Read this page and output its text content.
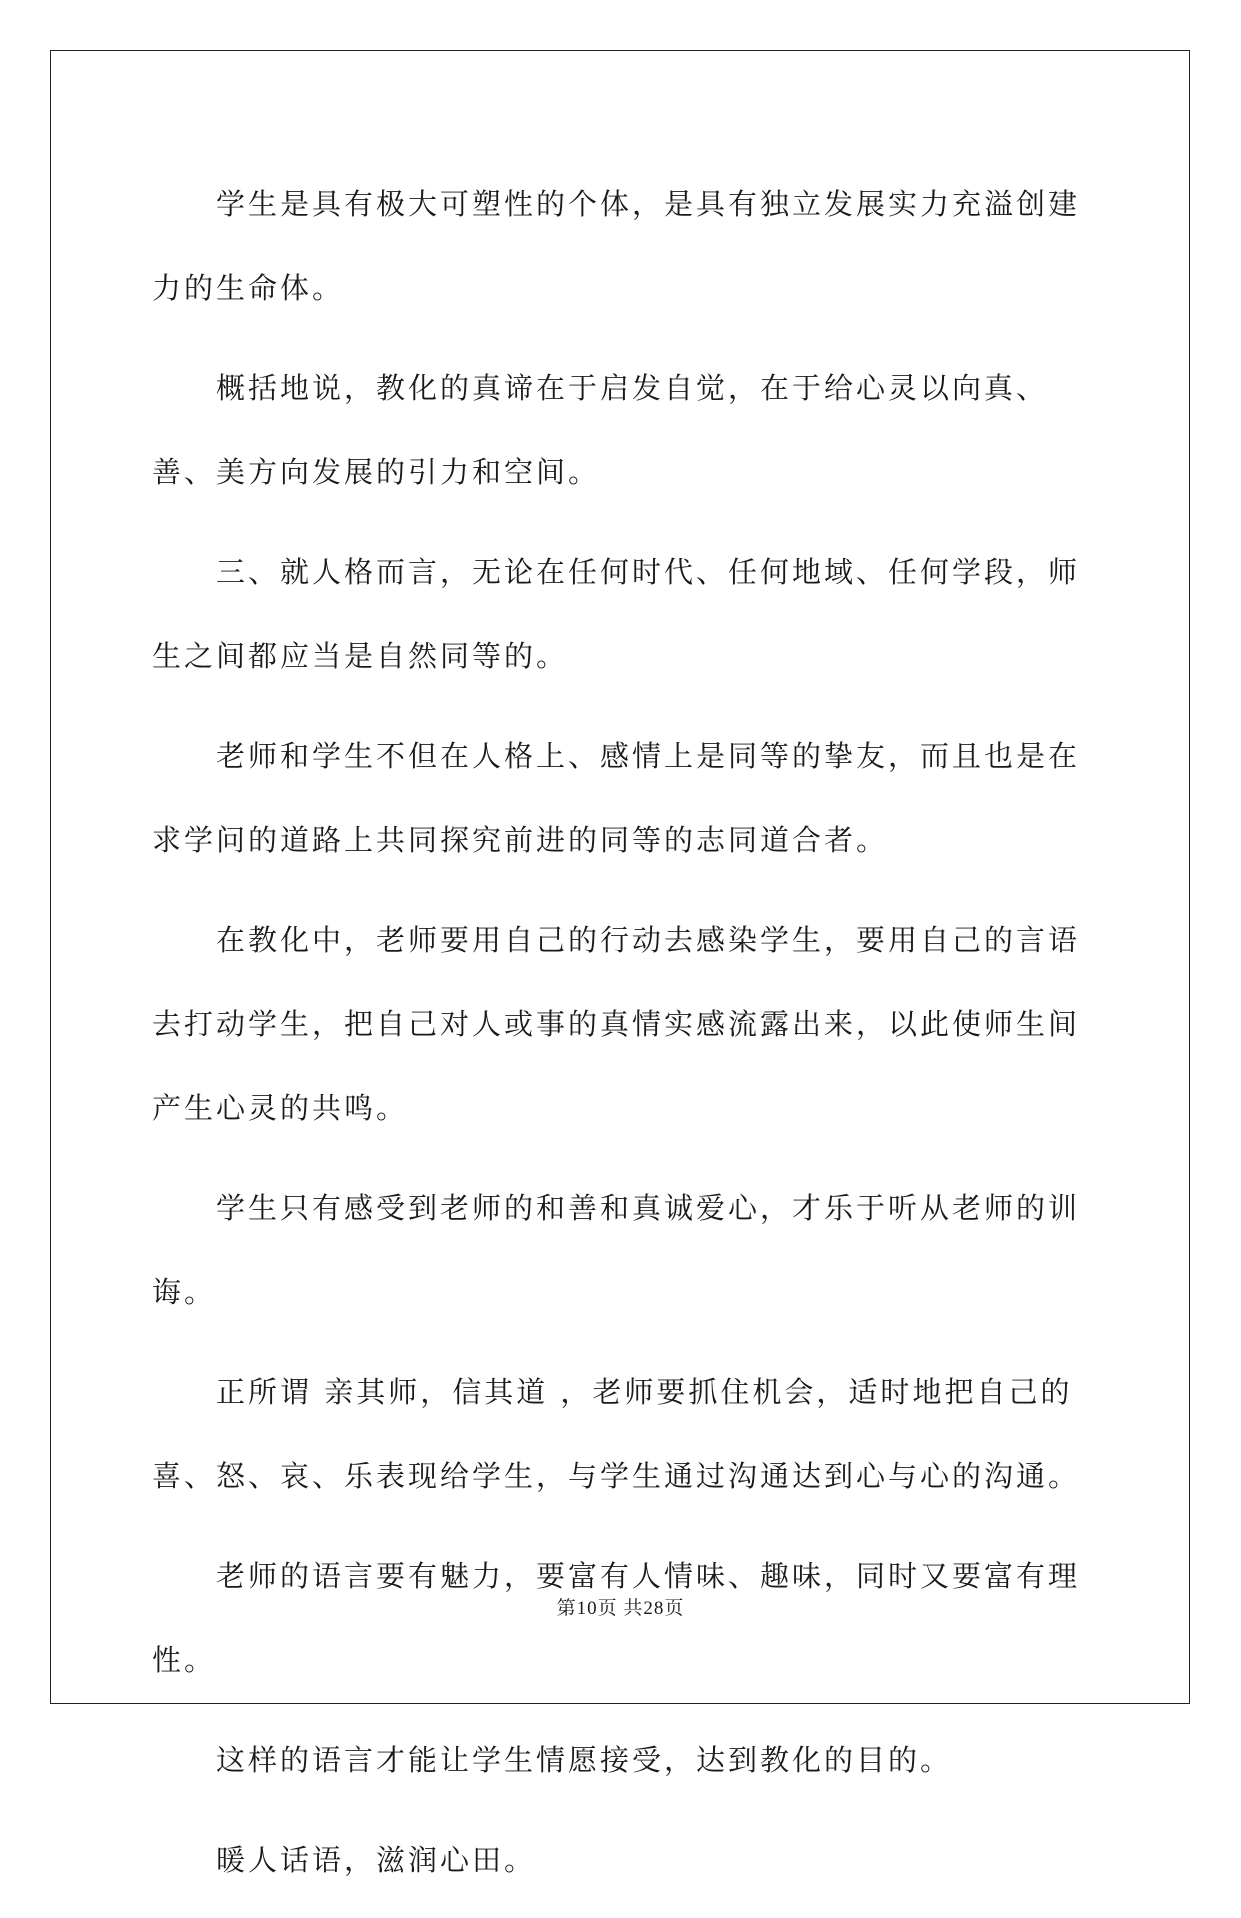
学生是具有极大可塑性的个体，是具有独立发展实力充溢创建力的生命体。

概括地说，教化的真谛在于启发自觉，在于给心灵以向真、善、美方向发展的引力和空间。

三、就人格而言，无论在任何时代、任何地域、任何学段，师生之间都应当是自然同等的。

老师和学生不但在人格上、感情上是同等的挚友，而且也是在求学问的道路上共同探究前进的同等的志同道合者。

在教化中，老师要用自己的行动去感染学生，要用自己的言语去打动学生，把自己对人或事的真情实感流露出来，以此使师生间产生心灵的共鸣。

学生只有感受到老师的和善和真诚爱心，才乐于听从老师的训诲。

正所谓 亲其师，信其道 ，老师要抓住机会，适时地把自己的喜、怒、哀、乐表现给学生，与学生通过沟通达到心与心的沟通。

老师的语言要有魅力，要富有人情味、趣味，同时又要富有理性。

这样的语言才能让学生情愿接受，达到教化的目的。

暖人话语，滋润心田。

第10页 共28页
